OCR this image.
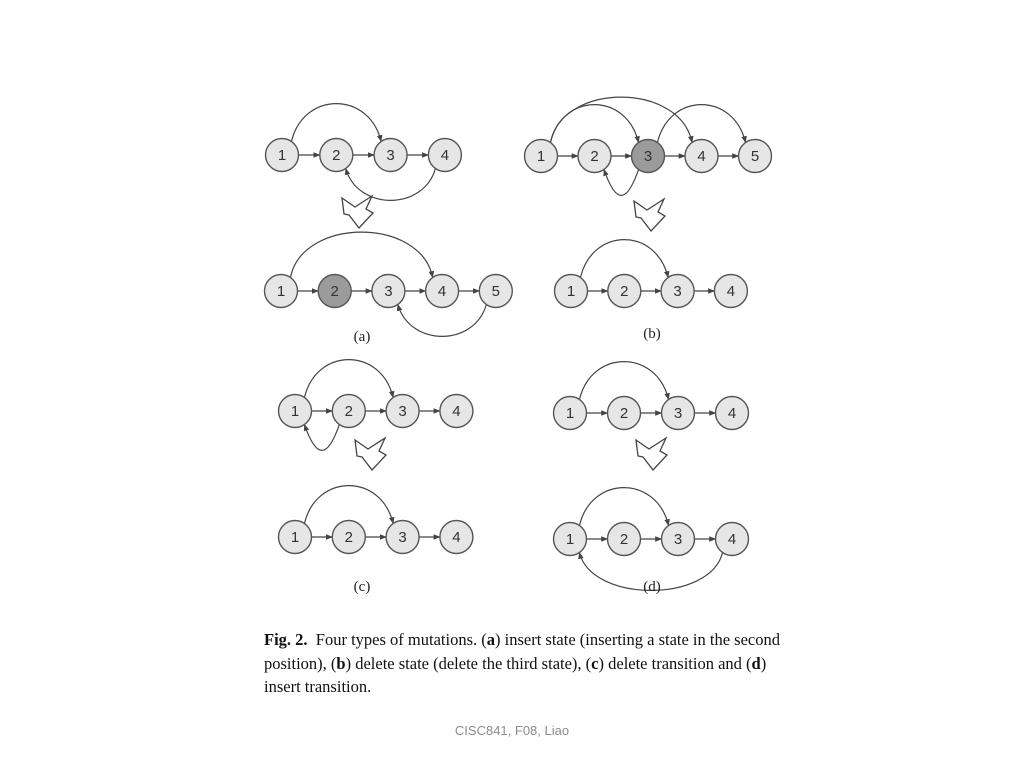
1	2	3	4
1	2	3	4	5
1	2	3	4	5
1	2	3	4
1	2	3	4
1	2	3	4
1	2	3	4
1	2	3	4
(a)	(b)
(c)	(d)
Fig. 2. Four types of mutations. (a) insert state (inserting a state in the second position), (b) delete state (delete the third state), (c) delete transition and (d) insert transition.
CISC841, F08, Liao
